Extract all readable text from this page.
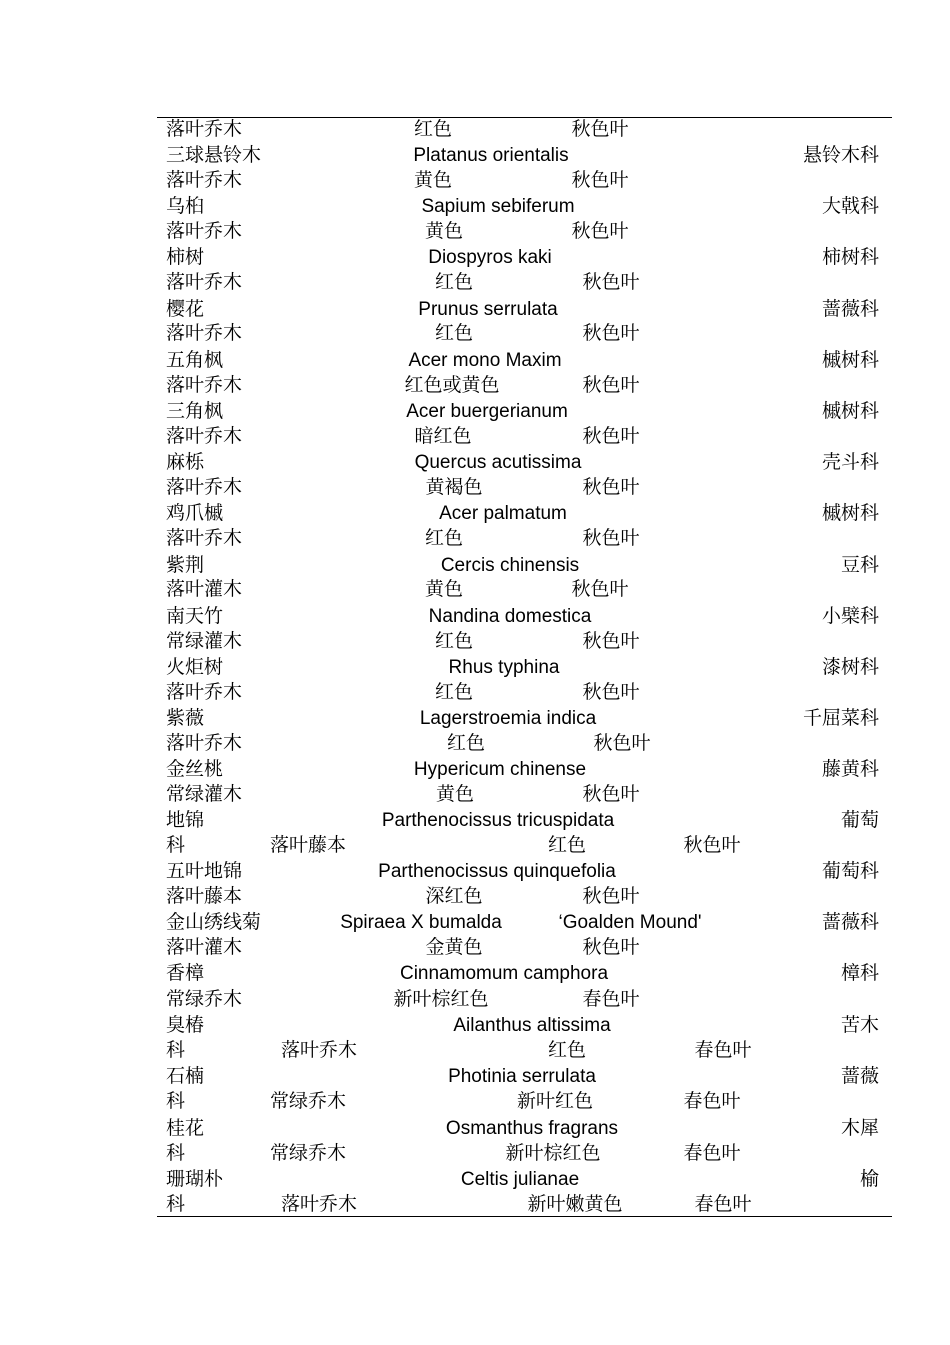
落叶乔木	红色	秋色叶
三球悬铃木	Platanus orientalis	悬铃木科
落叶乔木	黄色	秋色叶
乌桕	Sapium sebiferum	大戟科
落叶乔木	黄色	秋色叶
柿树	Diospyros kaki	柿树科
落叶乔木	红色	秋色叶
樱花	Prunus serrulata	蔷薇科
落叶乔木	红色	秋色叶
五角枫	Acer mono Maxim	槭树科
落叶乔木	红色或黄色	秋色叶
三角枫	Acer buergerianum	槭树科
落叶乔木	暗红色	秋色叶
麻栎	Quercus acutissima	壳斗科
落叶乔木	黄褐色	秋色叶
鸡爪槭	Acer palmatum	槭树科
落叶乔木	红色	秋色叶
紫荆	Cercis chinensis	豆科
落叶灌木	黄色	秋色叶
南天竹	Nandina domestica	小檗科
常绿灌木	红色	秋色叶
火炬树	Rhus typhina	漆树科
落叶乔木	红色	秋色叶
紫薇	Lagerstroemia indica	千屈菜科
落叶乔木	红色	秋色叶
金丝桃	Hypericum chinense	藤黄科
常绿灌木	黄色	秋色叶
地锦	Parthenocissus tricuspidata	葡萄
科	落叶藤本	红色	秋色叶
五叶地锦	Parthenocissus quinquefolia	葡萄科
落叶藤本	深红色	秋色叶
金山绣线菊	Spiraea X bumalda	‘Goalden Mound'	蔷薇科
落叶灌木	金黄色	秋色叶
香樟	Cinnamomum camphora	樟科
常绿乔木	新叶棕红色	春色叶
臭椿	Ailanthus altissima	苦木
科	落叶乔木	红色	春色叶
石楠	Photinia serrulata	蔷薇
科	常绿乔木	新叶红色	春色叶
桂花	Osmanthus fragrans	木犀
科	常绿乔木	新叶棕红色	春色叶
珊瑚朴	Celtis julianae	榆
科	落叶乔木	新叶嫩黄色	春色叶
